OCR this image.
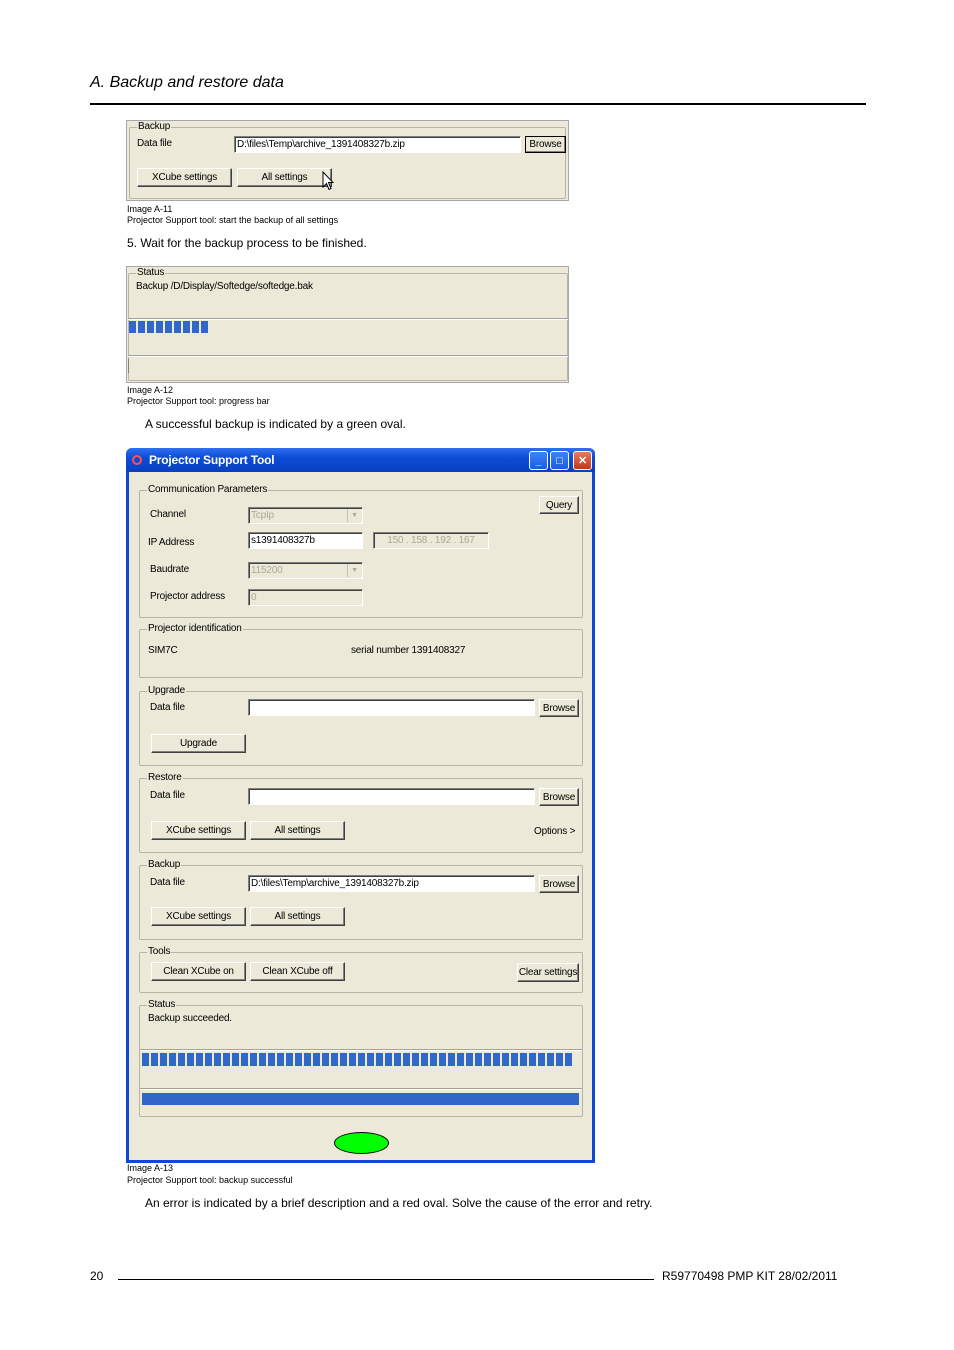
A. Backup and restore data
Backup
Data file	D:\files\Temp\archive_1391408327b.zip	Browse
XCube settings	All settings
Image A-11
Projector Support tool: start the backup of all settings
5. Wait for the backup process to be finished.
Status
Backup /D/Display/Softedge/softedge.bak
Image A-12
Projector Support tool: progress bar
A successful backup is indicated by a green oval.
Projector Support Tool	_	□	✕
Communication Parameters
Query
Channel	TcpIp	▼
IP Address	s1391408327b	150 . 158 . 192 . 167
Baudrate	115200	▼
Projector address	0
Projector identification
SIM7C	serial number 1391408327
Upgrade
Data file	Browse
Upgrade
Restore
Data file	Browse
XCube settings	All settings	Options >
Backup
Data file	D:\files\Temp\archive_1391408327b.zip	Browse
XCube settings	All settings
Tools
Clean XCube on	Clean XCube off	Clear settings
Status
Backup succeeded.
Image A-13
Projector Support tool: backup successful
An error is indicated by a brief description and a red oval. Solve the cause of the error and retry.
20	R59770498 PMP KIT 28/02/2011
